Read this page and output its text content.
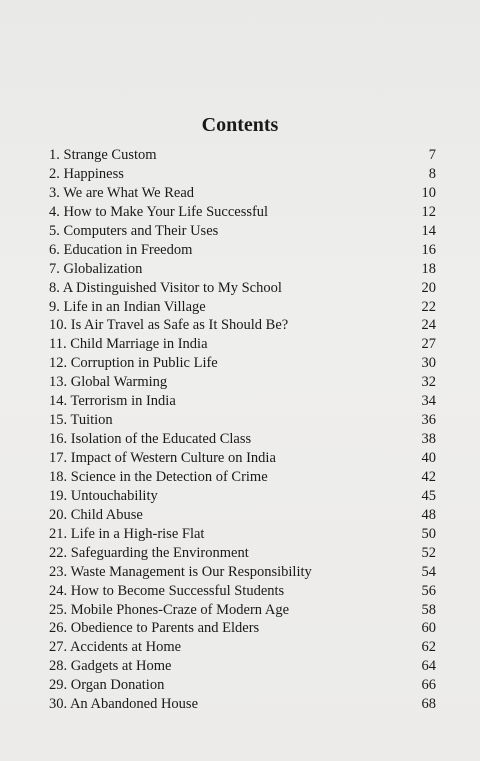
Contents
1. Strange Custom	7
2. Happiness	8
3. We are What We Read	10
4. How to Make Your Life Successful	12
5. Computers and Their Uses	14
6. Education in Freedom	16
7. Globalization	18
8. A Distinguished Visitor to My School	20
9. Life in an Indian Village	22
10. Is Air Travel as Safe as It Should Be?	24
11. Child Marriage in India	27
12. Corruption in Public Life	30
13. Global Warming	32
14. Terrorism in India	34
15. Tuition	36
16. Isolation of the Educated Class	38
17. Impact of Western Culture on India	40
18. Science in the Detection of Crime	42
19. Untouchability	45
20. Child Abuse	48
21. Life in a High-rise Flat	50
22. Safeguarding the Environment	52
23. Waste Management is Our Responsibility	54
24. How to Become Successful Students	56
25. Mobile Phones-Craze of Modern Age	58
26. Obedience to Parents and Elders	60
27. Accidents at Home	62
28. Gadgets at Home	64
29. Organ Donation	66
30. An Abandoned House	68
